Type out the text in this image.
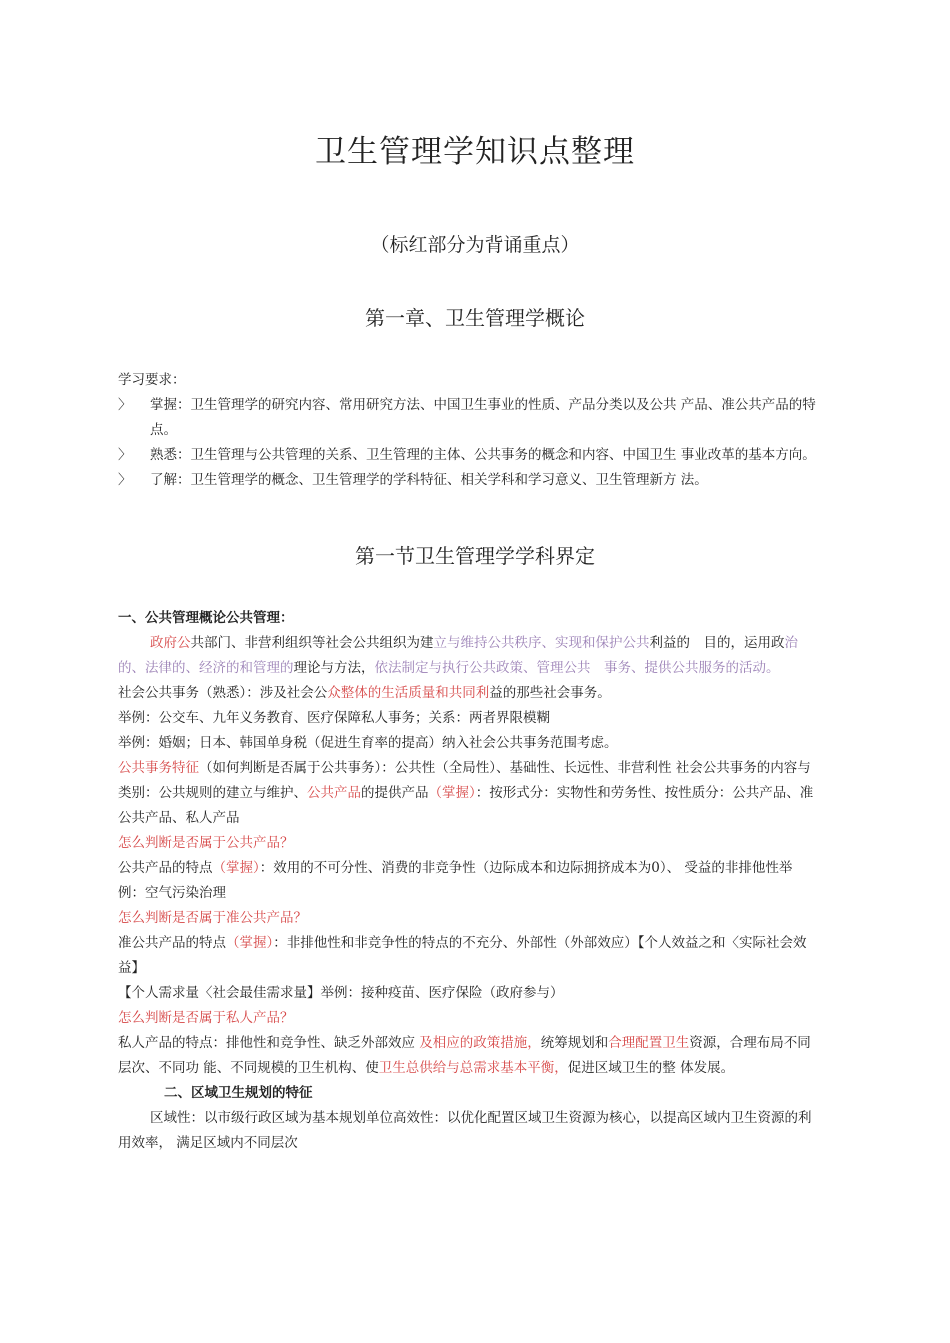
卫生管理学知识点整理
（标红部分为背诵重点）
第一章、卫生管理学概论
学习要求：
〉 掌握：卫生管理学的研究内容、常用研究方法、中国卫生事业的性质、产品分类以及公共 产品、准公共产品的特点。
〉 熟悉：卫生管理与公共管理的关系、卫生管理的主体、公共事务的概念和内容、中国卫生 事业改革的基本方向。
〉 了解：卫生管理学的概念、卫生管理学的学科特征、相关学科和学习意义、卫生管理新方 法。
第一节卫生管理学学科界定

一、公共管理概论公共管理：

政府公共部门、非营利组织等社会公共组织为建立与维持公共秩序、实现和保护公共利益的　目的，运用政治的、法律的、经济的和管理的理论与方法，依法制定与执行公共政策、管理公共　事务、提供公共服务的活动。

社会公共事务（熟悉）：涉及社会公众整体的生活质量和共同利益的那些社会事务。

举例：公交车、九年义务教育、医疗保障私人事务；关系：两者界限模糊

举例：婚姻；日本、韩国单身税（促进生育率的提高）纳入社会公共事务范围考虑。

公共事务特征（如何判断是否属于公共事务）：公共性（全局性）、基础性、长远性、非营利性 社会公共事务的内容与类别：公共规则的建立与维护、公共产品的提供产品（掌握）：按形式分：实物性和劳务性、按性质分：公共产品、准公共产品、私人产品

怎么判断是否属于公共产品？

公共产品的特点（掌握）：效用的不可分性、消费的非竞争性（边际成本和边际拥挤成本为0）、 受益的非排他性举例：空气污染治理

怎么判断是否属于准公共产品？

准公共产品的特点（掌握）：非排他性和非竞争性的特点的不充分、外部性（外部效应）【个人效益之和〈实际社会效益】

【个人需求量〈社会最佳需求量】举例：接种疫苗、医疗保险（政府参与）

怎么判断是否属于私人产品？

私人产品的特点：排他性和竞争性、缺乏外部效应 及相应的政策措施，统筹规划和合理配置卫生资源，合理布局不同层次、不同功 能、不同规模的卫生机构、使卫生总供给与总需求基本平衡，促进区域卫生的整 体发展。

二、区域卫生规划的特征

区域性：以市级行政区域为基本规划单位高效性：以优化配置区域卫生资源为核心，以提高区域内卫生资源的利用效率， 满足区域内不同层次
